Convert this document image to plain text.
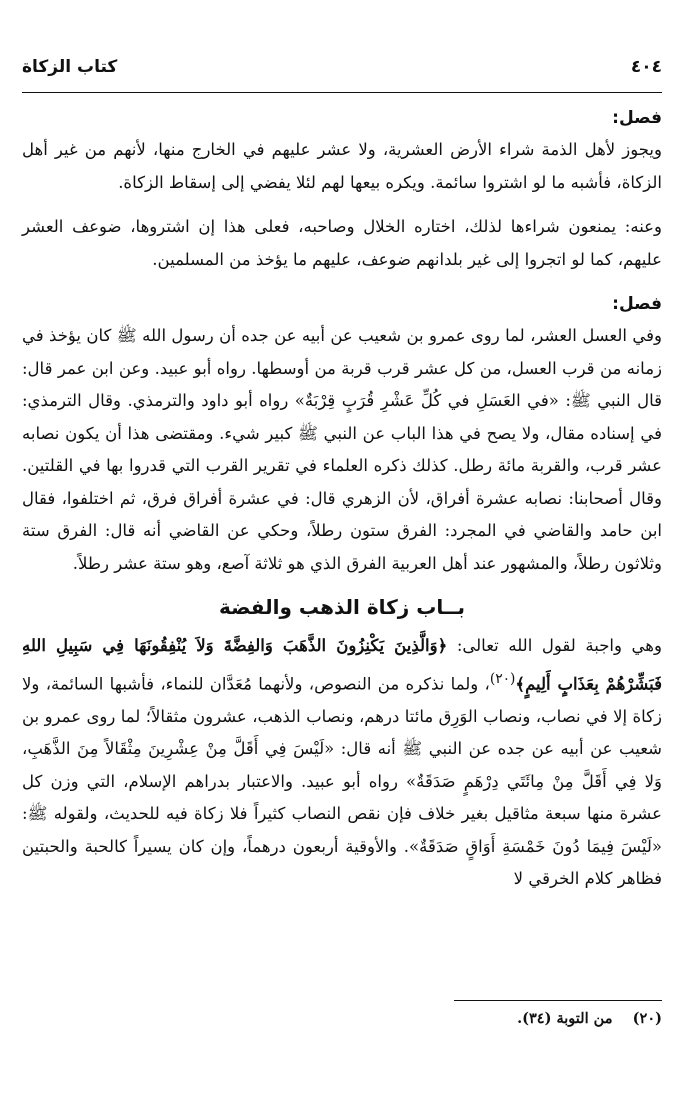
٤٠٤
كتاب الزكاة
فصل:

ويجوز لأهل الذمة شراء الأرض العشرية، ولا عشر عليهم في الخارج منها، لأنهم من غير أهل الزكاة، فأشبه ما لو اشتروا سائمة. ويكره بيعها لهم لئلا يفضي إلى إسقاط الزكاة.

وعنه: يمنعون شراءها لذلك، اختاره الخلال وصاحبه، فعلى هذا إن اشتروها، ضوعف العشر عليهم، كما لو اتجروا إلى غير بلدانهم ضوعف، عليهم ما يؤخذ من المسلمين.

فصل:

وفي العسل العشر، لما روى عمرو بن شعيب عن أبيه عن جده أن رسول الله ﷺ كان يؤخذ في زمانه من قرب العسل، من كل عشر قرب قربة من أوسطها. رواه أبو عبيد. وعن ابن عمر قال: قال النبي ﷺ: «في العَسَلِ في كُلِّ عَشْرِ قُرَبٍ قِرْبَةٌ» رواه أبو داود والترمذي. وقال الترمذي: في إسناده مقال، ولا يصح في هذا الباب عن النبي ﷺ كبير شيء. ومقتضى هذا أن يكون نصابه عشر قرب، والقربة مائة رطل. كذلك ذكره العلماء في تقرير القرب التي قدروا بها في القلتين. وقال أصحابنا: نصابه عشرة أفراق، لأن الزهري قال: في عشرة أفراق فرق، ثم اختلفوا، فقال ابن حامد والقاضي في المجرد: الفرق ستون رطلاً، وحكي عن القاضي أنه قال: الفرق ستة وثلاثون رطلاً، والمشهور عند أهل العربية الفرق الذي هو ثلاثة آصع، وهو ستة عشر رطلاً.

بــاب زكاة الذهب والفضة

وهي واجبة لقول الله تعالى: ﴿وَالَّذِينَ يَكْنِزُونَ الذَّهَبَ وَالفِضَّةَ وَلاَ يُنْفِقُونَهَا فِي سَبِيلِ اللهِ فَبَشِّرْهُمْ بِعَذَابٍ أَلِيمٍ﴾$^{(٢٠)}$، ولما نذكره من النصوص، ولأنهما مُعَدَّان للنماء، فأشبها السائمة، ولا زكاة إلا في نصاب، ونصاب الوَرِق مائتا درهم، ونصاب الذهب، عشرون مثقالاً؛ لما روى عمرو بن شعيب عن أبيه عن جده عن النبي ﷺ أنه قال: «لَيْسَ فِي أَقَلَّ مِنْ عِشْرِينَ مِثْقَالاً مِنَ الذَّهَبِ، وَلا فِي أَقَلَّ مِنْ مِائَتَي دِرْهَمٍ صَدَقَةٌ» رواه أبو عبيد. والاعتبار بدراهم الإسلام، التي وزن كل عشرة منها سبعة مثاقيل بغير خلاف فإن نقص النصاب كثيراً فلا زكاة فيه للحديث، ولقوله ﷺ: «لَيْسَ فِيمَا دُونَ خَمْسَةِ أَوَاقٍ صَدَقَةٌ». والأوقية أربعون درهماً، وإن كان يسيراً كالحبة والحبتين فظاهر كلام الخرقي لا

(٢٠)    من التوبة (٣٤).
